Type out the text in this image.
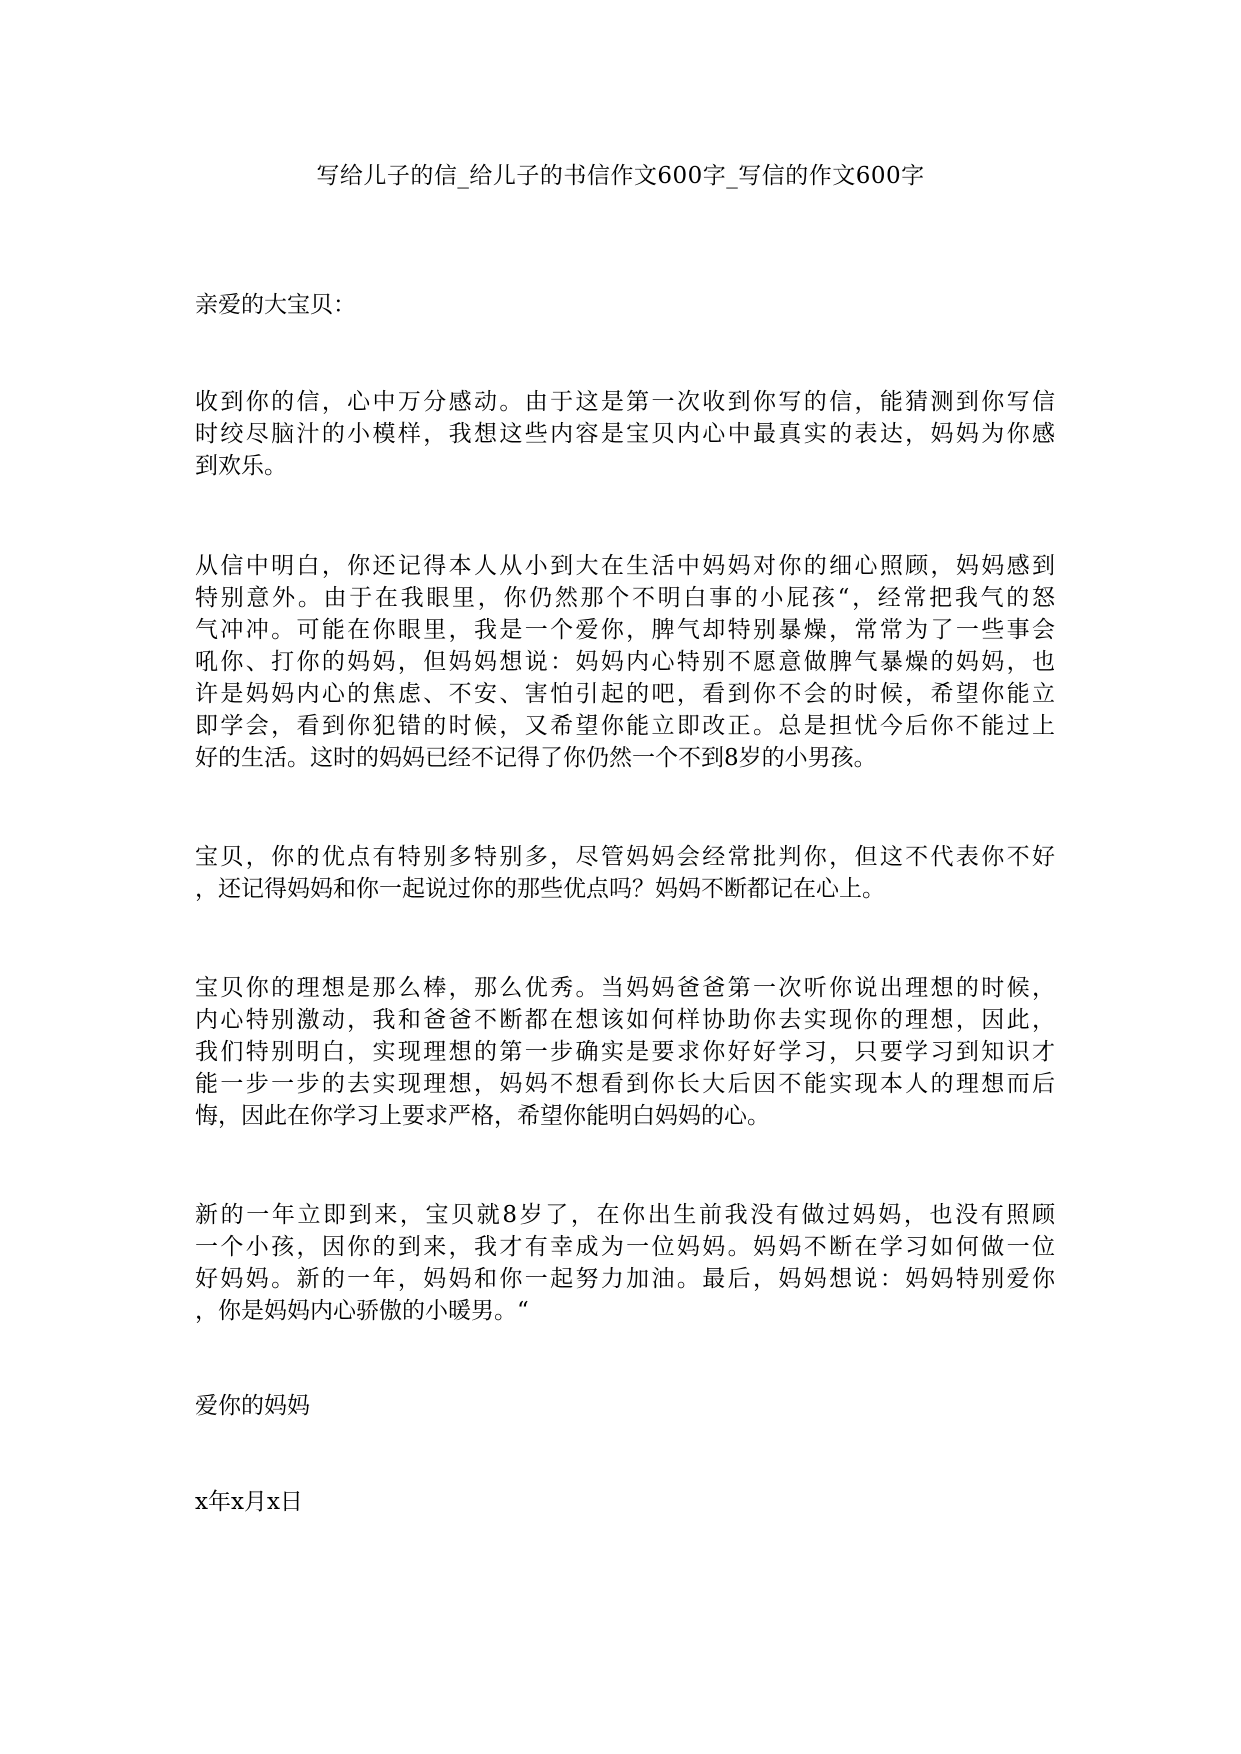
写给儿子的信_给儿子的书信作文600字_写信的作文600字
亲爱的大宝贝：
收到你的信，心中万分感动。由于这是第一次收到你写的信，能猜测到你写信
时绞尽脑汁的小模样，我想这些内容是宝贝内心中最真实的表达，妈妈为你感
到欢乐。
从信中明白，你还记得本人从小到大在生活中妈妈对你的细心照顾，妈妈感到
特别意外。由于在我眼里，你仍然那个不明白事的小屁孩“，经常把我气的怒
气冲冲。可能在你眼里，我是一个爱你，脾气却特别暴燥，常常为了一些事会
吼你、打你的妈妈，但妈妈想说：妈妈内心特别不愿意做脾气暴燥的妈妈，也
许是妈妈内心的焦虑、不安、害怕引起的吧，看到你不会的时候，希望你能立
即学会，看到你犯错的时候，又希望你能立即改正。总是担忧今后你不能过上
好的生活。这时的妈妈已经不记得了你仍然一个不到8岁的小男孩。
宝贝，你的优点有特别多特别多，尽管妈妈会经常批判你，但这不代表你不好
，还记得妈妈和你一起说过你的那些优点吗？妈妈不断都记在心上。
宝贝你的理想是那么棒，那么优秀。当妈妈爸爸第一次听你说出理想的时候，
内心特别激动，我和爸爸不断都在想该如何样协助你去实现你的理想，因此，
我们特别明白，实现理想的第一步确实是要求你好好学习，只要学习到知识才
能一步一步的去实现理想，妈妈不想看到你长大后因不能实现本人的理想而后
悔，因此在你学习上要求严格，希望你能明白妈妈的心。
新的一年立即到来，宝贝就8岁了，在你出生前我没有做过妈妈，也没有照顾
一个小孩，因你的到来，我才有幸成为一位妈妈。妈妈不断在学习如何做一位
好妈妈。新的一年，妈妈和你一起努力加油。最后，妈妈想说：妈妈特别爱你
，你是妈妈内心骄傲的小暖男。“
爱你的妈妈
x年x月x日
